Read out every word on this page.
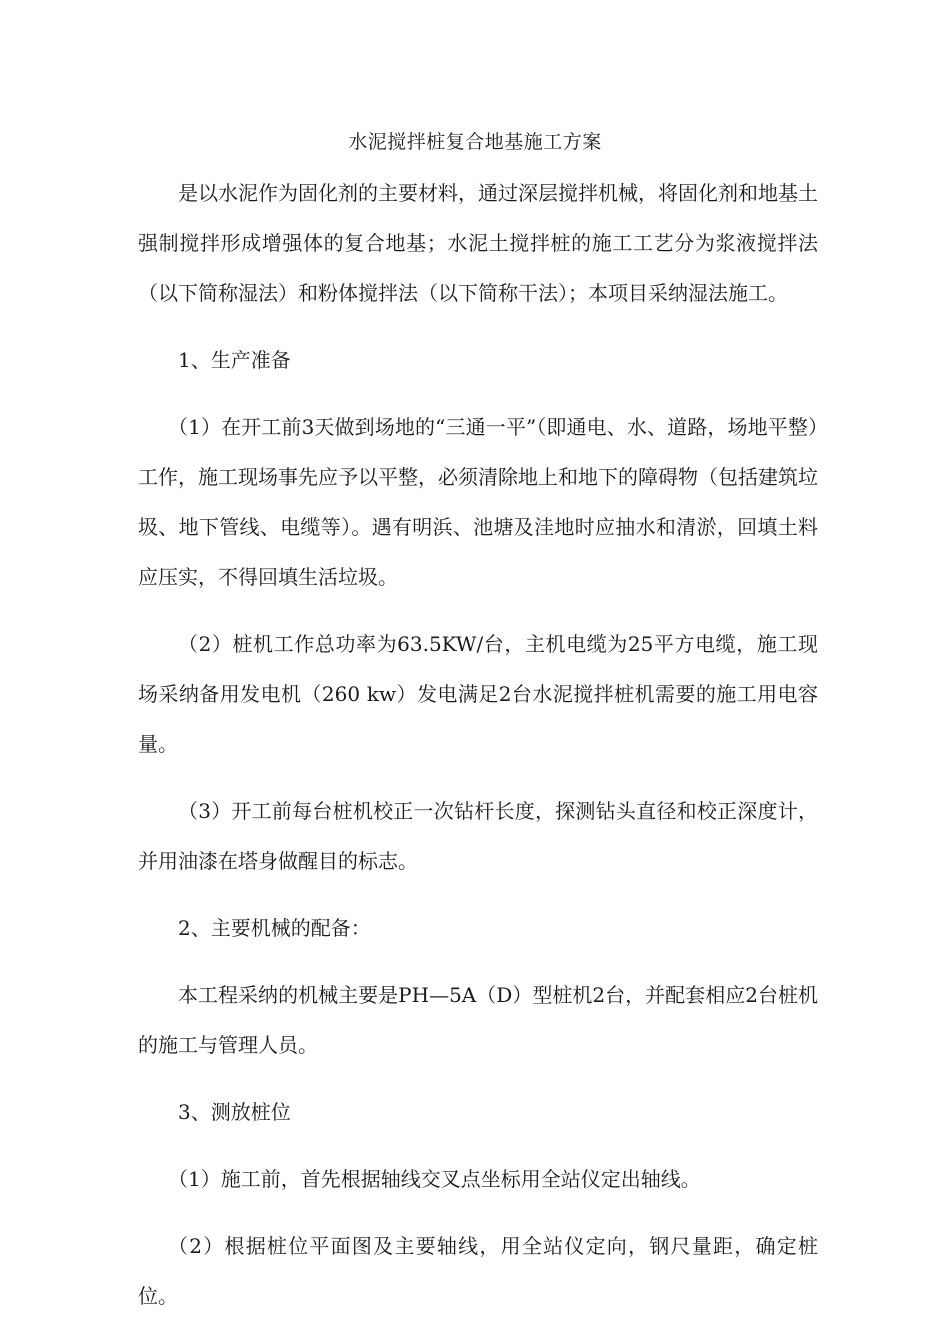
水泥搅拌桩复合地基施工方案

是以水泥作为固化剂的主要材料，通过深层搅拌机械，将固化剂和地基土强制搅拌形成增强体的复合地基；水泥土搅拌桩的施工工艺分为浆液搅拌法（以下简称湿法）和粉体搅拌法（以下简称干法）；本项目采纳湿法施工。

1、生产准备

（1）在开工前3天做到场地的“三通一平”（即通电、水、道路，场地平整）工作，施工现场事先应予以平整，必须清除地上和地下的障碍物（包括建筑垃圾、地下管线、电缆等）。遇有明浜、池塘及洼地时应抽水和清淤，回填土料应压实，不得回填生活垃圾。

（2）桩机工作总功率为63.5KW/台，主机电缆为25平方电缆，施工现场采纳备用发电机（260 kw）发电满足2台水泥搅拌桩机需要的施工用电容量。

（3）开工前每台桩机校正一次钻杆长度，探测钻头直径和校正深度计，并用油漆在塔身做醒目的标志。

2、主要机械的配备：

本工程采纳的机械主要是PH—5A（D）型桩机2台，并配套相应2台桩机的施工与管理人员。

3、测放桩位

（1）施工前，首先根据轴线交叉点坐标用全站仪定出轴线。

（2）根据桩位平面图及主要轴线，用全站仪定向，钢尺量距，确定桩位。
